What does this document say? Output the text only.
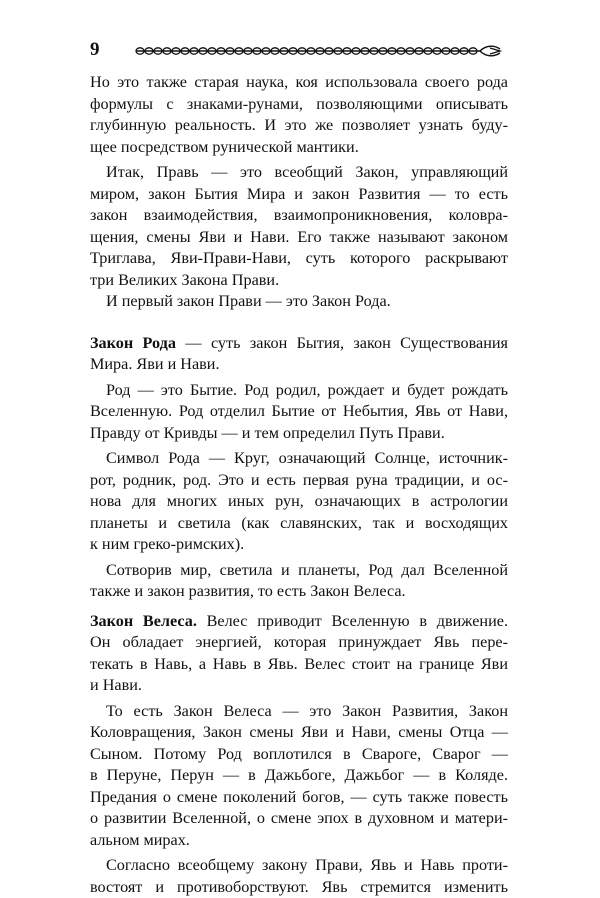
9
Но это также старая наука, коя использовала своего рода
формулы с знаками-рунами, позволяющими описывать
глубинную реальность. И это же позволяет узнать буду-
щее посредством рунической мантики.
Итак, Правь — это всеобщий Закон, управляющий
миром, закон Бытия Мира и закон Развития — то есть
закон взаимодействия, взаимопроникновения, коловра-
щения, смены Яви и Нави. Его также называют законом
Триглава, Яви-Прави-Нави, суть которого раскрывают
три Великих Закона Прави.
И первый закон Прави — это Закон Рода.
Закон Рода — суть закон Бытия, закон Существования
Мира. Яви и Нави.
Род — это Бытие. Род родил, рождает и будет рождать
Вселенную. Род отделил Бытие от Небытия, Явь от Нави,
Правду от Кривды — и тем определил Путь Прави.
Символ Рода — Круг, означающий Солнце, источник-
рот, родник, род. Это и есть первая руна традиции, и ос-
нова для многих иных рун, означающих в астрологии
планеты и светила (как славянских, так и восходящих
к ним греко-римских).
Сотворив мир, светила и планеты, Род дал Вселенной
также и закон развития, то есть Закон Велеса.
Закон Велеса. Велес приводит Вселенную в движение.
Он обладает энергией, которая принуждает Явь пере-
текать в Навь, а Навь в Явь. Велес стоит на границе Яви
и Нави.
То есть Закон Велеса — это Закон Развития, Закон
Коловращения, Закон смены Яви и Нави, смены Отца —
Сыном. Потому Род воплотился в Свароге, Сварог —
в Перуне, Перун — в Дажьбоге, Дажьбог — в Коляде.
Предания о смене поколений богов, — суть также повесть
о развитии Вселенной, о смене эпох в духовном и матери-
альном мирах.
Согласно всеобщему закону Прави, Явь и Навь проти-
востоят и противоборствуют. Явь стремится изменить
